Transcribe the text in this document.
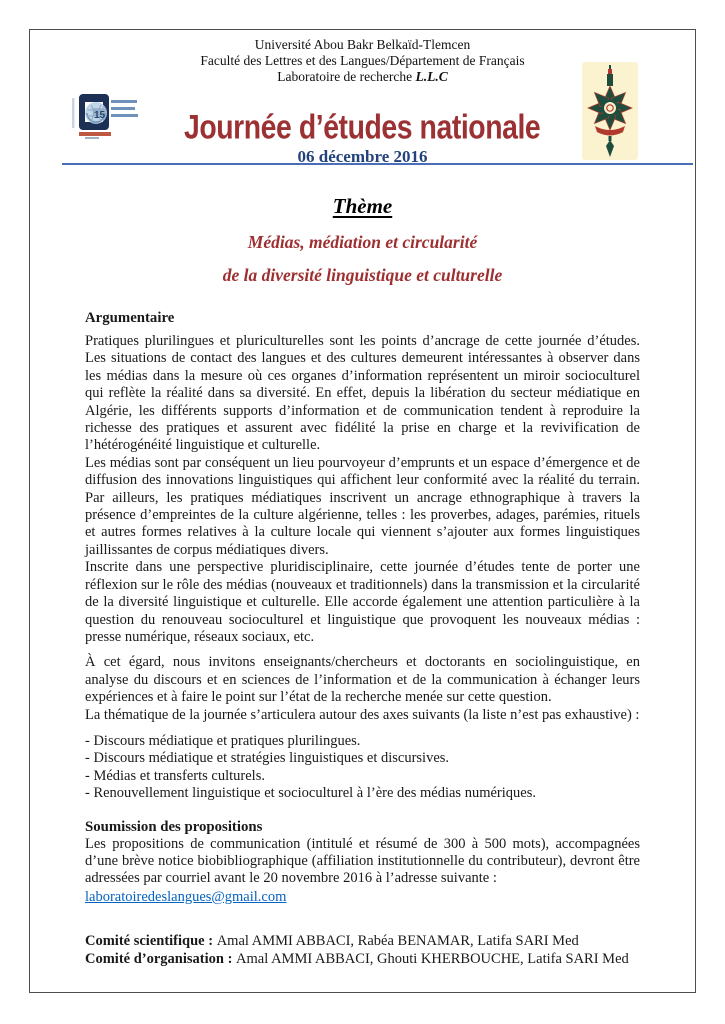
15
Université Abou Bakr Belkaïd-Tlemcen
Faculté des Lettres et des Langues/Département de Français
Laboratoire de recherche L.L.C
Journée d’études nationale
06 décembre 2016
Thème
Médias, médiation et circularité
de la diversité linguistique et culturelle
Argumentaire

Pratiques plurilingues et pluriculturelles sont les points d’ancrage de cette journée d’études. Les situations de contact des langues et des cultures demeurent intéressantes à observer dans les médias dans la mesure où ces organes d’information représentent un miroir socioculturel qui reflète la réalité dans sa diversité. En effet, depuis la libération du secteur médiatique en Algérie, les différents supports d’information et de communication tendent à reproduire la richesse des pratiques et assurent avec fidélité la prise en charge et la revivification de l’hétérogénéité linguistique et culturelle.

Les médias sont par conséquent un lieu pourvoyeur d’emprunts et un espace d’émergence et de diffusion des innovations linguistiques qui affichent leur conformité avec la réalité du terrain. Par ailleurs, les pratiques médiatiques inscrivent un ancrage ethnographique à travers la présence d’empreintes de la culture algérienne, telles : les proverbes, adages, parémies, rituels et autres formes relatives à la culture locale qui viennent s’ajouter aux formes linguistiques jaillissantes de corpus médiatiques divers.

Inscrite dans une perspective pluridisciplinaire, cette journée d’études tente de porter une réflexion sur le rôle des médias (nouveaux et traditionnels) dans la transmission et la circularité de la diversité linguistique et culturelle. Elle accorde également une attention particulière à la question du renouveau socioculturel et linguistique que provoquent les nouveaux médias : presse numérique, réseaux sociaux, etc.

À cet égard, nous invitons enseignants/chercheurs et doctorants en sociolinguistique, en analyse du discours et en sciences de l’information et de la communication à échanger leurs expériences et à faire le point sur l’état de la recherche menée sur cette question.

La thématique de la journée s’articulera autour des axes suivants (la liste n’est pas exhaustive) :

- Discours médiatique et pratiques plurilingues.
- Discours médiatique et stratégies linguistiques et discursives.
- Médias et transferts culturels.
- Renouvellement linguistique et socioculturel à l’ère des médias numériques.
Soumission des propositions

Les propositions de communication (intitulé et résumé de 300 à 500 mots), accompagnées d’une brève notice biobibliographique (affiliation institutionnelle du contributeur), devront être adressées par courriel avant le 20 novembre 2016 à l’adresse suivante :

laboratoiredeslangues@gmail.com
Comité scientifique : Amal AMMI ABBACI, Rabéa BENAMAR, Latifa SARI Med
Comité d’organisation : Amal AMMI ABBACI, Ghouti KHERBOUCHE, Latifa SARI Med
